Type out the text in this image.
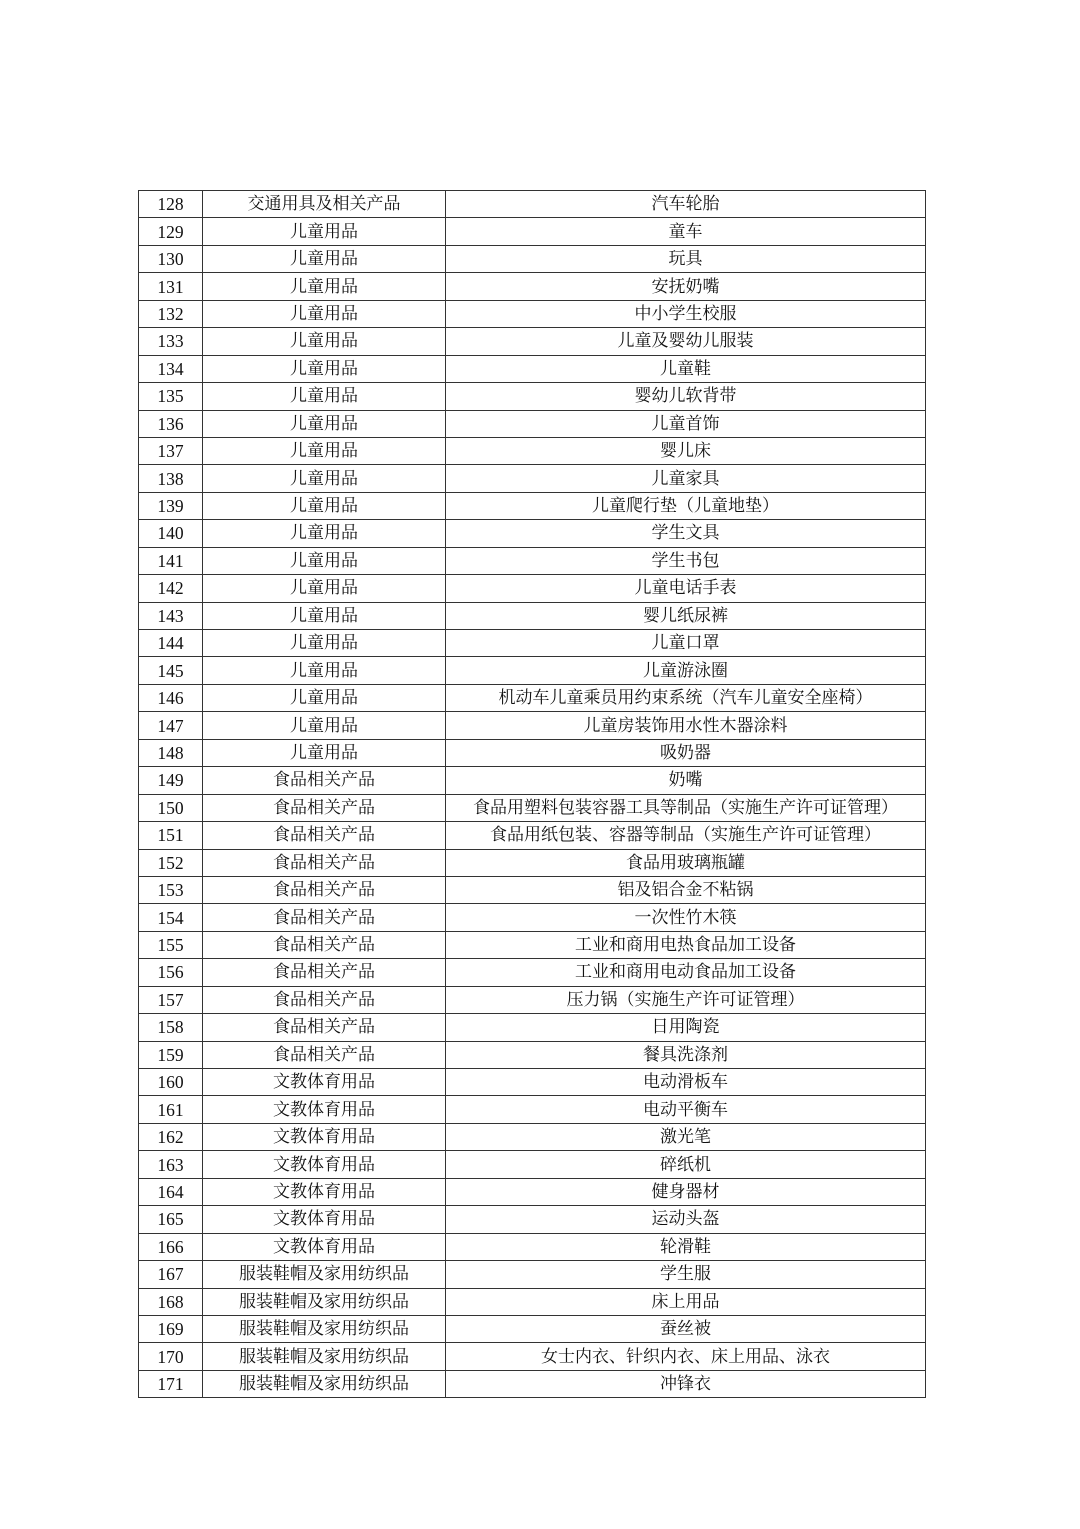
128	交通用具及相关产品	汽车轮胎
129	儿童用品	童车
130	儿童用品	玩具
131	儿童用品	安抚奶嘴
132	儿童用品	中小学生校服
133	儿童用品	儿童及婴幼儿服装
134	儿童用品	儿童鞋
135	儿童用品	婴幼儿软背带
136	儿童用品	儿童首饰
137	儿童用品	婴儿床
138	儿童用品	儿童家具
139	儿童用品	儿童爬行垫（儿童地垫）
140	儿童用品	学生文具
141	儿童用品	学生书包
142	儿童用品	儿童电话手表
143	儿童用品	婴儿纸尿裤
144	儿童用品	儿童口罩
145	儿童用品	儿童游泳圈
146	儿童用品	机动车儿童乘员用约束系统（汽车儿童安全座椅）
147	儿童用品	儿童房装饰用水性木器涂料
148	儿童用品	吸奶器
149	食品相关产品	奶嘴
150	食品相关产品	食品用塑料包装容器工具等制品（实施生产许可证管理）
151	食品相关产品	食品用纸包装、容器等制品（实施生产许可证管理）
152	食品相关产品	食品用玻璃瓶罐
153	食品相关产品	铝及铝合金不粘锅
154	食品相关产品	一次性竹木筷
155	食品相关产品	工业和商用电热食品加工设备
156	食品相关产品	工业和商用电动食品加工设备
157	食品相关产品	压力锅（实施生产许可证管理）
158	食品相关产品	日用陶瓷
159	食品相关产品	餐具洗涤剂
160	文教体育用品	电动滑板车
161	文教体育用品	电动平衡车
162	文教体育用品	激光笔
163	文教体育用品	碎纸机
164	文教体育用品	健身器材
165	文教体育用品	运动头盔
166	文教体育用品	轮滑鞋
167	服装鞋帽及家用纺织品	学生服
168	服装鞋帽及家用纺织品	床上用品
169	服装鞋帽及家用纺织品	蚕丝被
170	服装鞋帽及家用纺织品	女士内衣、针织内衣、床上用品、泳衣
171	服装鞋帽及家用纺织品	冲锋衣
